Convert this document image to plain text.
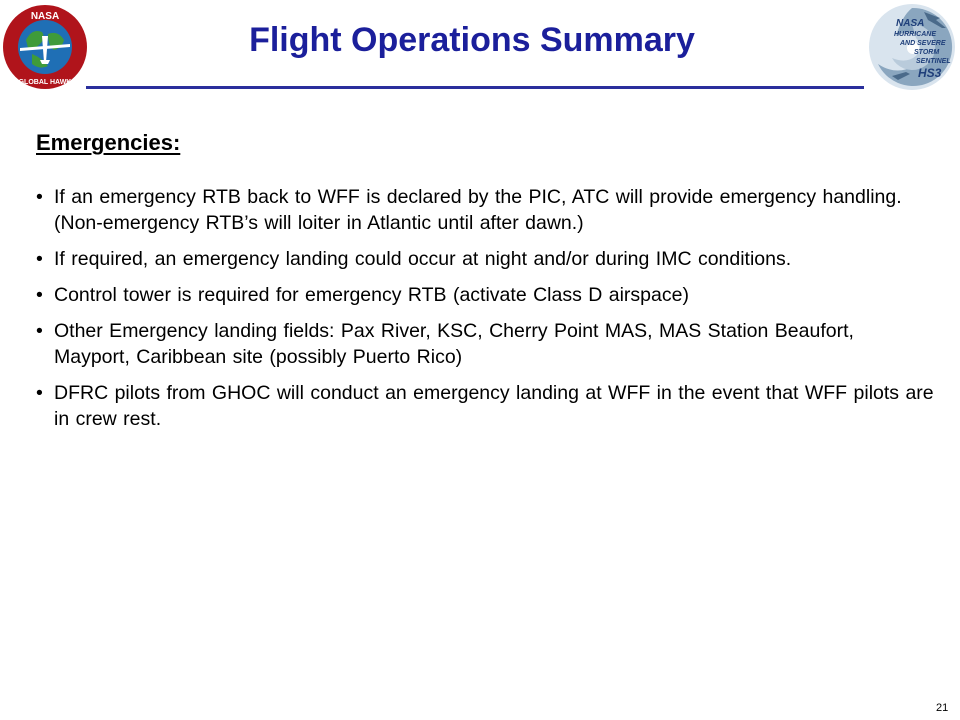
NASA
GLOBAL HAWK
Flight Operations Summary	NASA
HURRICANE
AND SEVERE
STORM
SENTINEL
HS3
Emergencies:
• If an emergency RTB back to WFF is declared by the PIC, ATC will provide emergency handling. (Non-emergency RTB’s will loiter in Atlantic until after dawn.)
• If required, an emergency landing could occur at night and/or during IMC conditions.
• Control tower is required for emergency RTB (activate Class D airspace)
• Other Emergency landing fields: Pax River, KSC, Cherry Point MAS, MAS Station Beaufort, Mayport, Caribbean site (possibly Puerto Rico)
• DFRC pilots from GHOC will conduct an emergency landing at WFF in the event that WFF pilots are in crew rest.
21
